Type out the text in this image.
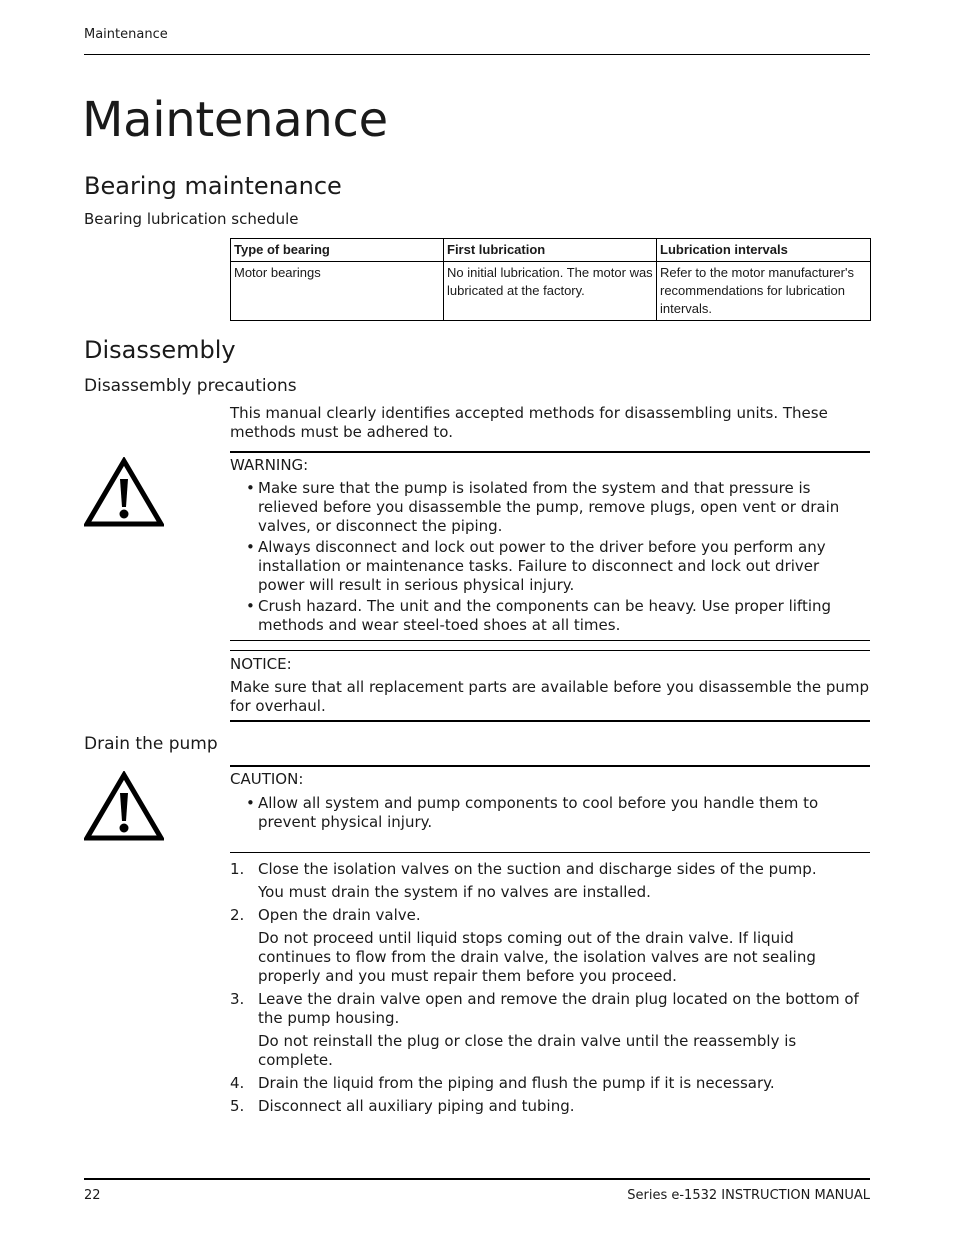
Maintenance
Maintenance
Bearing maintenance
Bearing lubrication schedule
Type of bearing	First lubrication	Lubrication intervals
Motor bearings	No initial lubrication. The motor was lubricated at the factory.	Refer to the motor manufacturer's recommendations for lubrication intervals.
Disassembly
Disassembly precautions
This manual clearly identifies accepted methods for disassembling units. These methods must be adhered to.
WARNING:
• Make sure that the pump is isolated from the system and that pressure is relieved before you disassemble the pump, remove plugs, open vent or drain valves, or disconnect the piping.
• Always disconnect and lock out power to the driver before you perform any installation or maintenance tasks. Failure to disconnect and lock out driver power will result in serious physical injury.
• Crush hazard. The unit and the components can be heavy. Use proper lifting methods and wear steel-toed shoes at all times.
NOTICE:
Make sure that all replacement parts are available before you disassemble the pump for overhaul.
Drain the pump
CAUTION:
• Allow all system and pump components to cool before you handle them to prevent physical injury.
1. Close the isolation valves on the suction and discharge sides of the pump.
You must drain the system if no valves are installed.
2. Open the drain valve.
Do not proceed until liquid stops coming out of the drain valve. If liquid continues to flow from the drain valve, the isolation valves are not sealing properly and you must repair them before you proceed.
3. Leave the drain valve open and remove the drain plug located on the bottom of the pump housing.
Do not reinstall the plug or close the drain valve until the reassembly is complete.
4. Drain the liquid from the piping and flush the pump if it is necessary.
5. Disconnect all auxiliary piping and tubing.
22	Series e-1532 INSTRUCTION MANUAL
